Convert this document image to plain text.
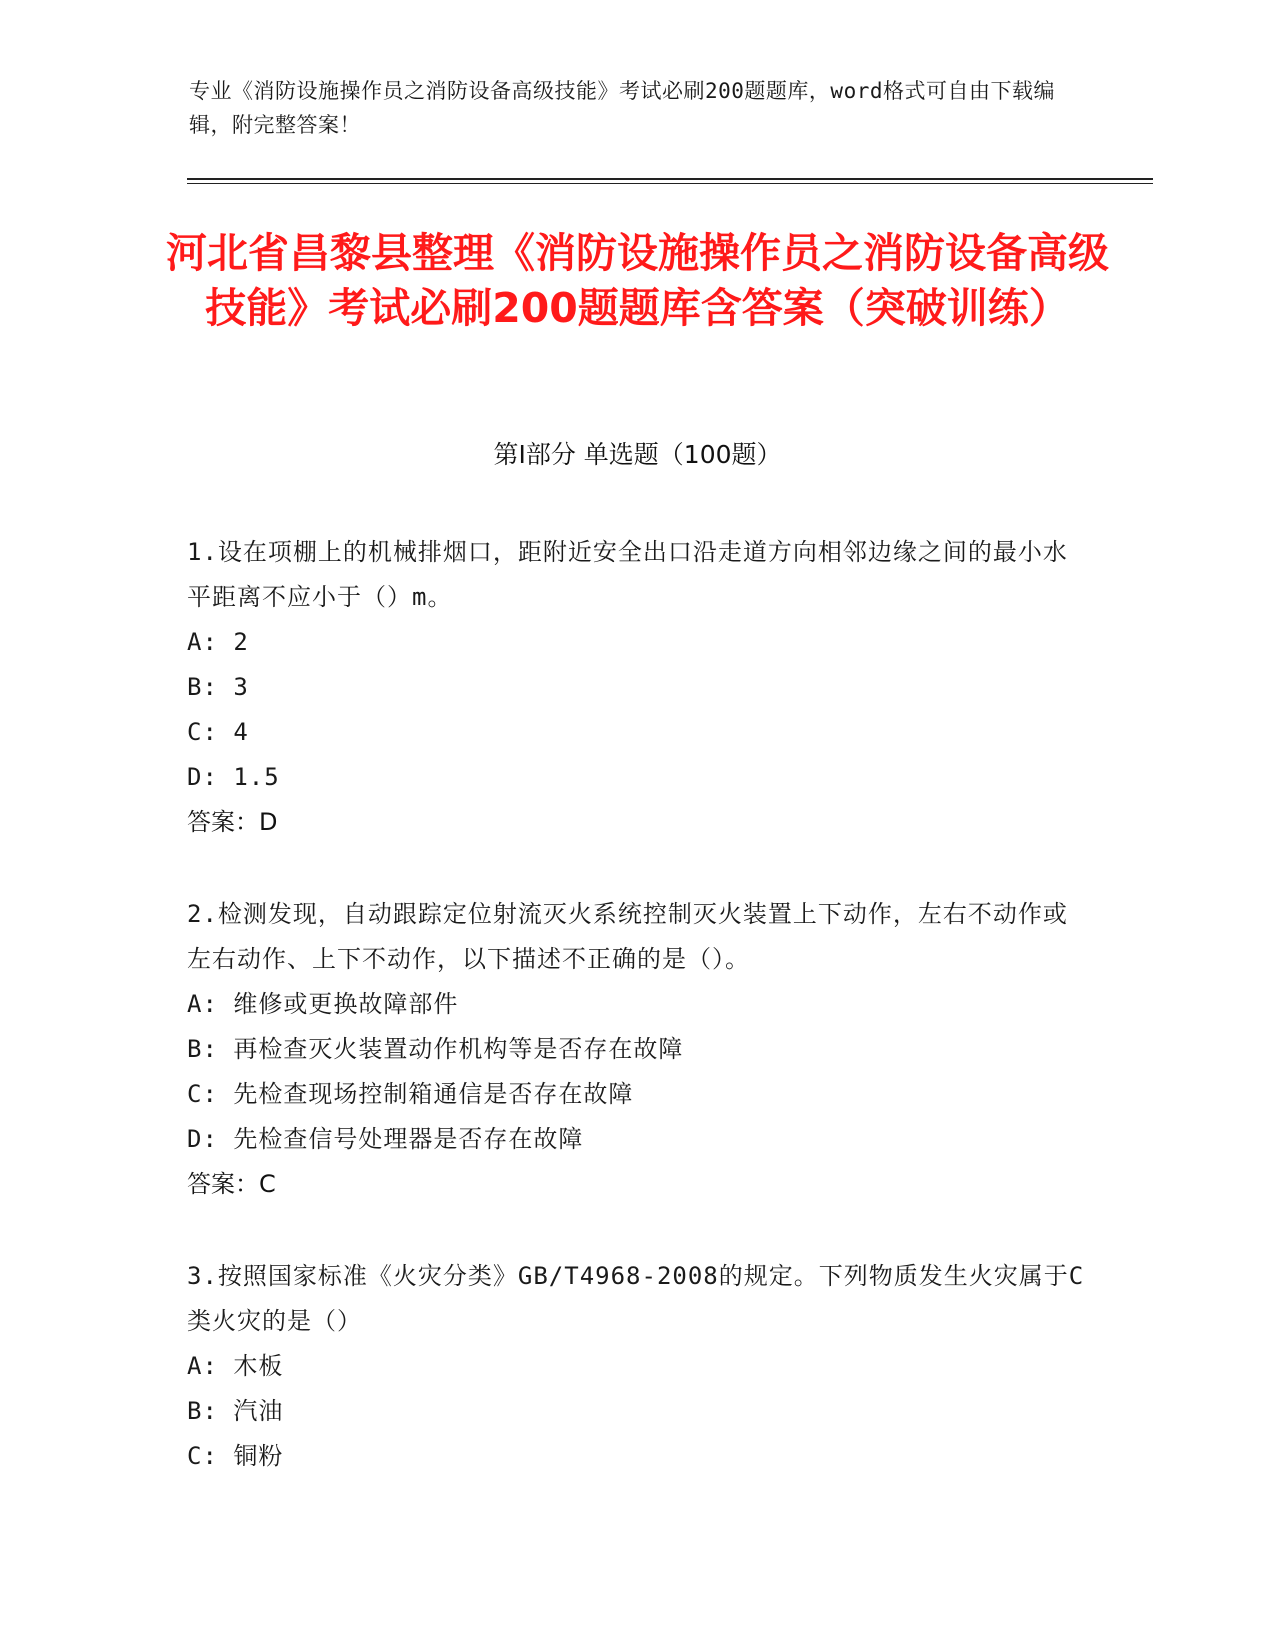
专业《消防设施操作员之消防设备高级技能》考试必刷200题题库，word格式可自由下载编辑，附完整答案！
河北省昌黎县整理《消防设施操作员之消防设备高级技能》考试必刷200题题库含答案（突破训练）
第Ⅰ部分 单选题（100题）
1.设在项棚上的机械排烟口，距附近安全出口沿走道方向相邻边缘之间的最小水平距离不应小于（）m。
A: 2
B: 3
C: 4
D: 1.5
答案：D
2.检测发现，自动跟踪定位射流灭火系统控制灭火装置上下动作，左右不动作或左右动作、上下不动作，以下描述不正确的是（）。
A: 维修或更换故障部件
B: 再检查灭火装置动作机构等是否存在故障
C: 先检查现场控制箱通信是否存在故障
D: 先检查信号处理器是否存在故障
答案：C
3.按照国家标准《火灾分类》GB/T4968-2008的规定。下列物质发生火灾属于C类火灾的是（）
A: 木板
B: 汽油
C: 铜粉
